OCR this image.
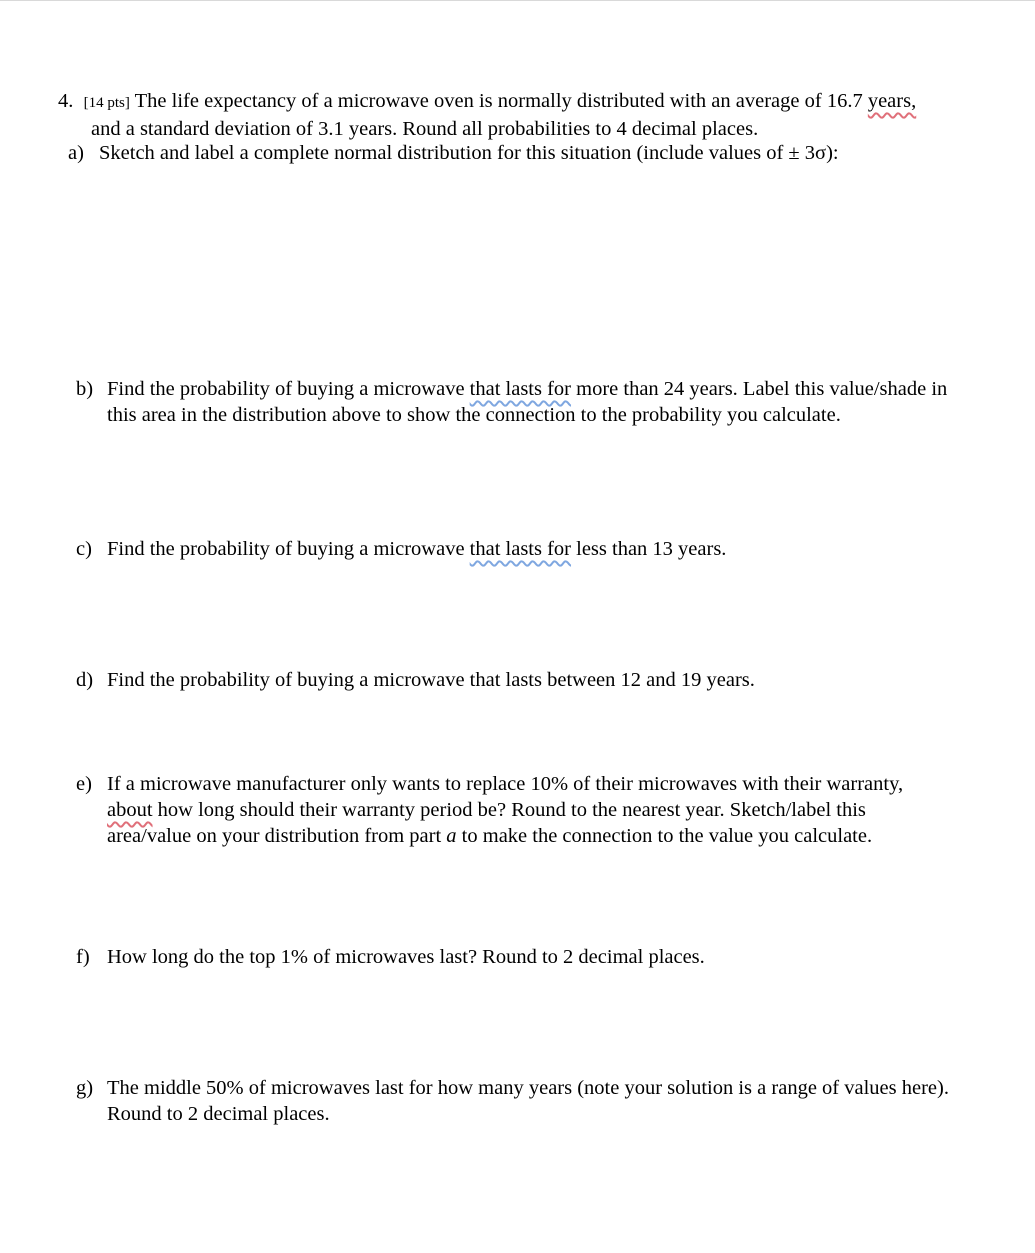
4. [14 pts] The life expectancy of a microwave oven is normally distributed with an average of 16.7 years,
and a standard deviation of 3.1 years. Round all probabilities to 4 decimal places.
a) Sketch and label a complete normal distribution for this situation (include values of ± 3σ):
b) Find the probability of buying a microwave that lasts for more than 24 years. Label this value/shade in
this area in the distribution above to show the connection to the probability you calculate.
c) Find the probability of buying a microwave that lasts for less than 13 years.
d) Find the probability of buying a microwave that lasts between 12 and 19 years.
e) If a microwave manufacturer only wants to replace 10% of their microwaves with their warranty,
about how long should their warranty period be? Round to the nearest year. Sketch/label this
area/value on your distribution from part a to make the connection to the value you calculate.
f) How long do the top 1% of microwaves last? Round to 2 decimal places.
g) The middle 50% of microwaves last for how many years (note your solution is a range of values here).
Round to 2 decimal places.
